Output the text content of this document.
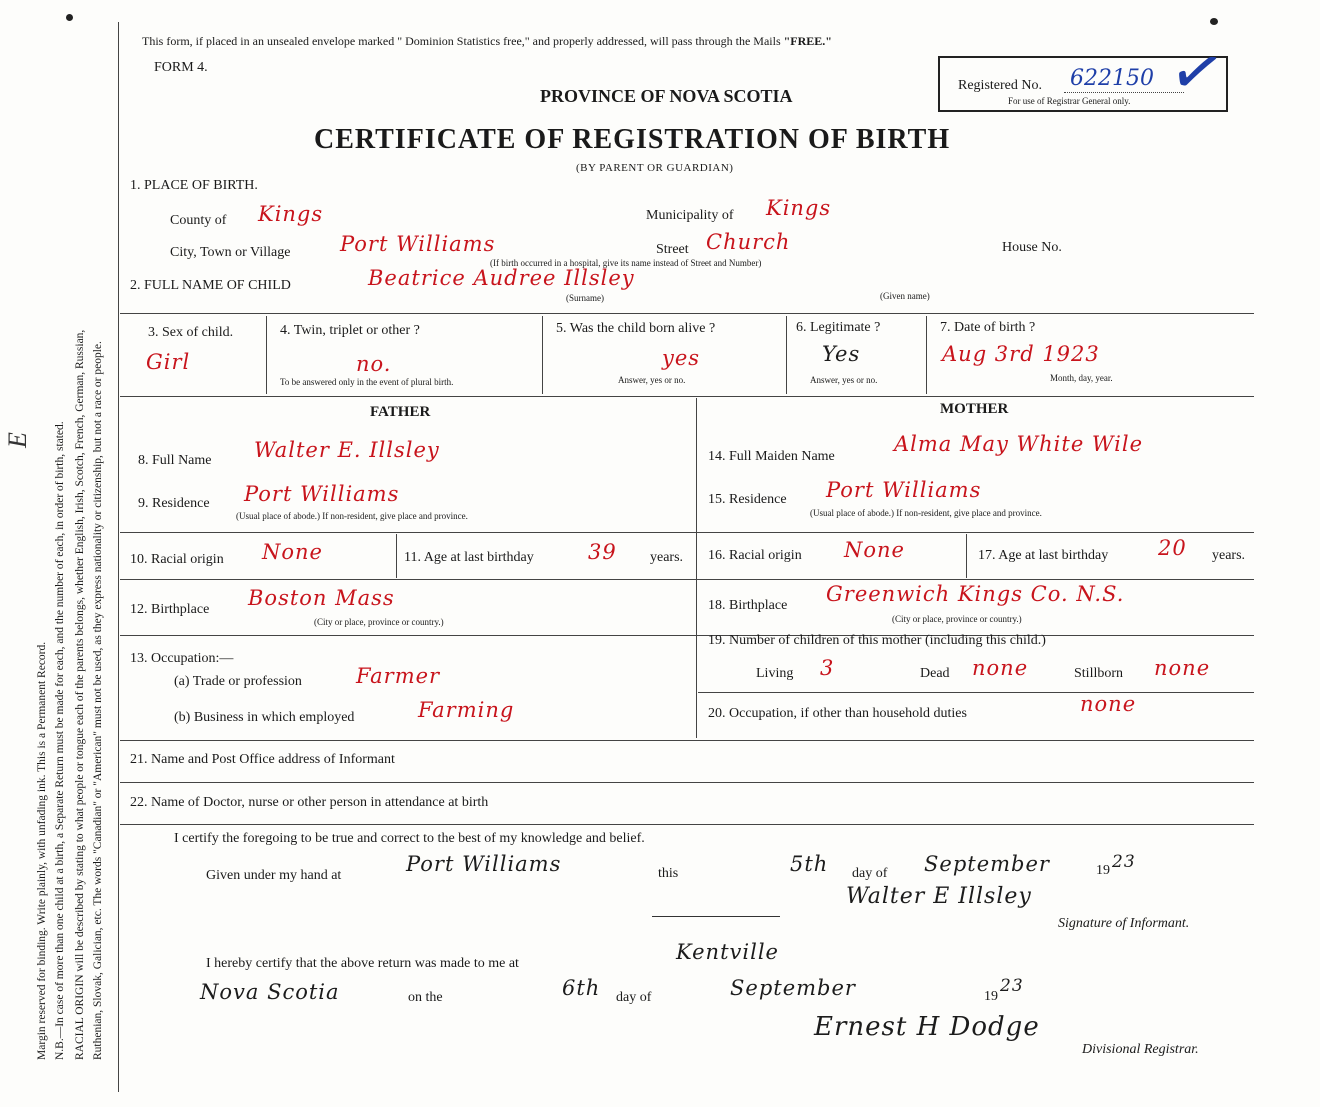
Margin reserved for binding. Write plainly, with unfading ink. This is a Permanent Record. N.B.—In case of more than one child at a birth, a Separate Return must be made for each, and the number of each, in order of birth, stated. RACIAL ORIGIN will be described by stating to what people or tongue each of the parents belongs, whether English, Irish, Scotch, French, German, Russian, Ruthenian, Slovak, Galician, etc. The words "Canadian" or "American" must not be used, as they express nationality or citizenship, but not a race or people.
E
This form, if placed in an unsealed envelope marked " Dominion Statistics free," and properly addressed, will pass through the Mails "FREE."
FORM 4.
PROVINCE OF NOVA SCOTIA
CERTIFICATE OF REGISTRATION OF BIRTH
(BY PARENT OR GUARDIAN)
Registered No. 622150
For use of Registrar General only. ✓
1. PLACE OF BIRTH.
County of Kings	Municipality of Kings
City, Town or Village Port Williams	Street Church	House No.
(If birth occurred in a hospital, give its name instead of Street and Number)
2. FULL NAME OF CHILD	Beatrice Audree Illsley
(Surname)	(Given name)
3. Sex of child.
Girl
4. Twin, triplet or other ?
no.
To be answered only in the event of plural birth.
5. Was the child born alive ?
yes
Answer, yes or no.
6. Legitimate ?
Yes
Answer, yes or no.
7. Date of birth ?
Aug 3rd 1923
Month, day, year.
FATHER	MOTHER
8. Full Name Walter E. Illsley
9. Residence Port Williams
(Usual place of abode.) If non-resident, give place and province.
10. Racial origin None	11. Age at last birthday	39 years.
12. Birthplace Boston Mass
(City or place, province or country.)
13. Occupation:—
(a) Trade or profession	Farmer
(b) Business in which employed	Farming
14. Full Maiden Name
Alma May White Wile
15. Residence Port Williams
(Usual place of abode.) If non-resident, give place and province.
16. Racial origin None	17. Age at last birthday 20 years.
18. Birthplace Greenwich Kings Co. N.S.
(City or place, province or country.)
19. Number of children of this mother (including this child.)
Living 3	Dead none	Stillborn none
20. Occupation, if other than household duties	none
21. Name and Post Office address of Informant
22. Name of Doctor, nurse or other person in attendance at birth
I certify the foregoing to be true and correct to the best of my knowledge and belief.
Given under my hand at	Port Williams	this	5th day of September	19 23
Walter E Illsley
Signature of Informant.
I hereby certify that the above return was made to me at	Kentville
Nova Scotia	on the	6th day of	September	19
23
Ernest H Dodge
Divisional Registrar.
